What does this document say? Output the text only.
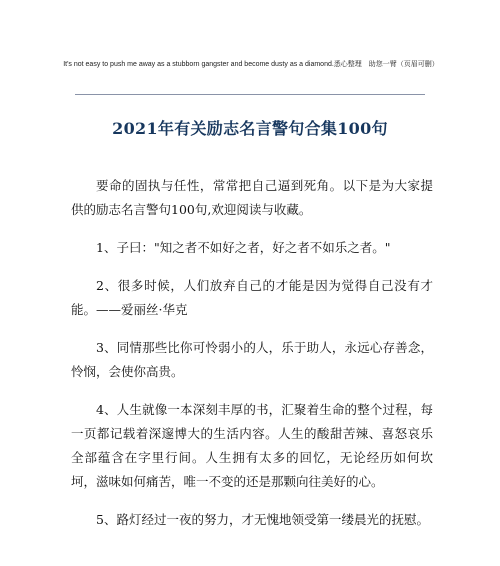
It's not easy to push me away as a stubborn gangster and become dusty as a diamond.悉心整理　助您一臂（页眉可删）
2021年有关励志名言警句合集100句

要命的固执与任性，常常把自己逼到死角。以下是为大家提供的励志名言警句100句,欢迎阅读与收藏。

1、子曰："知之者不如好之者，好之者不如乐之者。"

2、很多时候，人们放弃自己的才能是因为觉得自己没有才能。——爱丽丝·华克

3、同情那些比你可怜弱小的人，乐于助人，永远心存善念，怜悯，会使你高贵。

4、人生就像一本深刻丰厚的书，汇聚着生命的整个过程，每一页都记载着深邃博大的生活内容。人生的酸甜苦辣、喜怒哀乐全部蕴含在字里行间。人生拥有太多的回忆，无论经历如何坎坷，滋味如何痛苦，唯一不变的还是那颗向往美好的心。

5、路灯经过一夜的努力，才无愧地领受第一缕晨光的抚慰。
